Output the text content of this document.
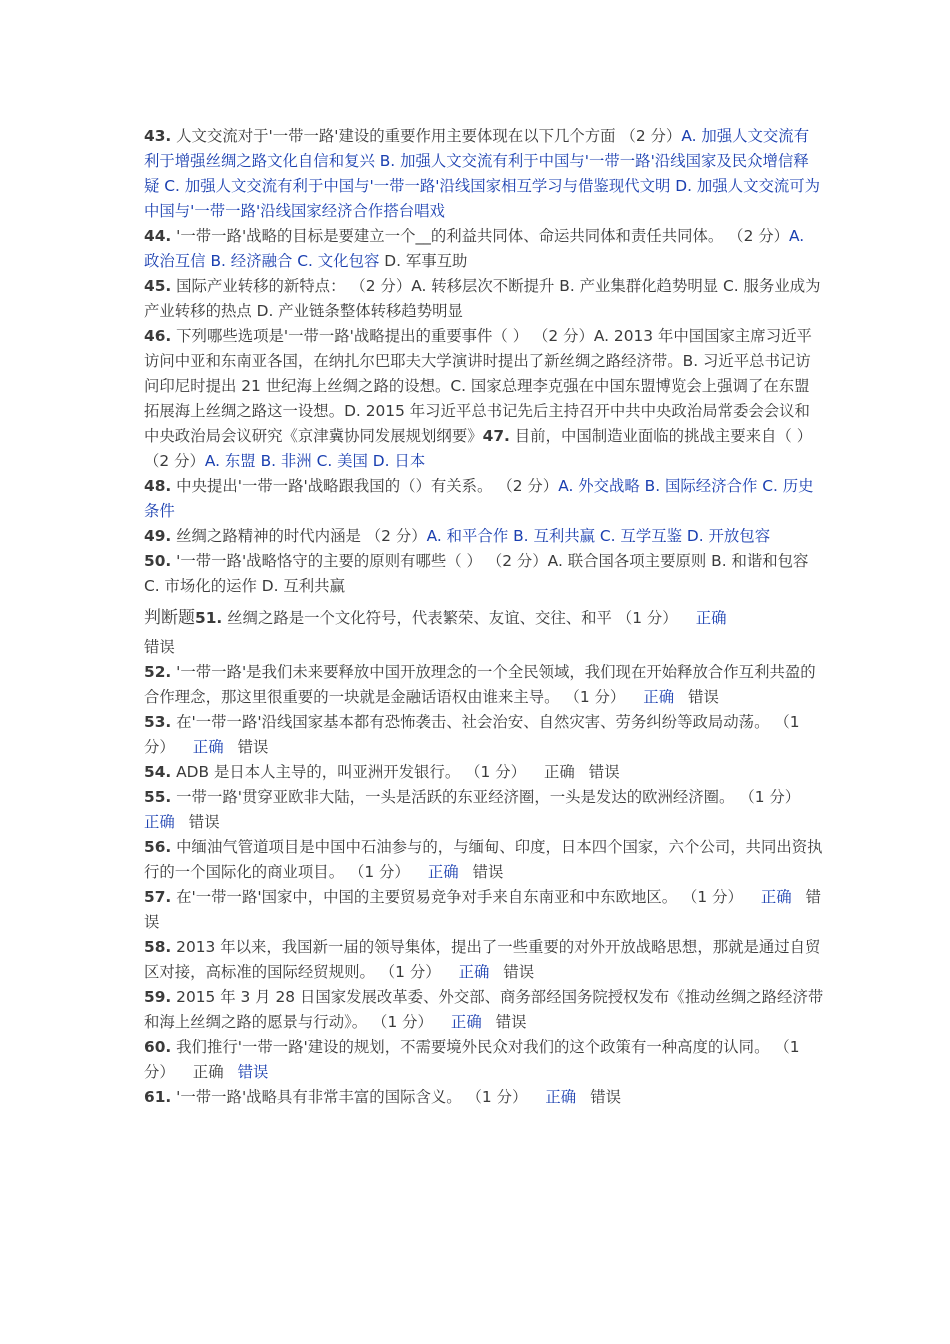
43. 人文交流对于'一带一路'建设的重要作用主要体现在以下几个方面 （2 分）A. 加强人文交流有利于增强丝绸之路文化自信和复兴 B. 加强人文交流有利于中国与'一带一路'沿线国家及民众增信释疑 C. 加强人文交流有利于中国与'一带一路'沿线国家相互学习与借鉴现代文明 D. 加强人文交流可为中国与'一带一路'沿线国家经济合作搭台唱戏

44. '一带一路'战略的目标是要建立一个__的利益共同体、命运共同体和责任共同体。 （2 分）A. 政治互信 B. 经济融合 C. 文化包容 D. 军事互助

45. 国际产业转移的新特点： （2 分）A. 转移层次不断提升 B. 产业集群化趋势明显 C. 服务业成为产业转移的热点 D. 产业链条整体转移趋势明显

46. 下列哪些选项是'一带一路'战略提出的重要事件（ ） （2 分）A. 2013 年中国国家主席习近平访问中亚和东南亚各国，在纳扎尔巴耶夫大学演讲时提出了新丝绸之路经济带。B. 习近平总书记访问印尼时提出 21 世纪海上丝绸之路的设想。C. 国家总理李克强在中国东盟博览会上强调了在东盟拓展海上丝绸之路这一设想。D. 2015 年习近平总书记先后主持召开中共中央政治局常委会会议和中央政治局会议研究《京津冀协同发展规划纲要》47. 目前，中国制造业面临的挑战主要来自（ ） （2 分）A. 东盟 B. 非洲 C. 美国 D. 日本

48. 中央提出'一带一路'战略跟我国的（）有关系。 （2 分）A. 外交战略 B. 国际经济合作 C. 历史条件

49. 丝绸之路精神的时代内涵是 （2 分）A. 和平合作 B. 互利共赢 C. 互学互鉴 D. 开放包容

50. '一带一路'战略恪守的主要的原则有哪些（ ） （2 分）A. 联合国各项主要原则 B. 和谐和包容 C. 市场化的运作 D. 互利共赢

判断题51. 丝绸之路是一个文化符号，代表繁荣、友谊、交往、和平 （1 分） 正确

错误

52. '一带一路'是我们未来要释放中国开放理念的一个全民领域，我们现在开始释放合作互利共盈的合作理念，那这里很重要的一块就是金融话语权由谁来主导。 （1 分） 正确 错误

53. 在'一带一路'沿线国家基本都有恐怖袭击、社会治安、自然灾害、劳务纠纷等政局动荡。 （1 分） 正确 错误

54. ADB 是日本人主导的，叫亚洲开发银行。 （1 分） 正确 错误

55. 一带一路'贯穿亚欧非大陆，一头是活跃的东亚经济圈，一头是发达的欧洲经济圈。 （1 分）正确 错误

56. 中缅油气管道项目是中国中石油参与的，与缅甸、印度，日本四个国家，六个公司，共同出资执行的一个国际化的商业项目。 （1 分） 正确 错误

57. 在'一带一路'国家中，中国的主要贸易竞争对手来自东南亚和中东欧地区。 （1 分） 正确 错误

58. 2013 年以来，我国新一届的领导集体，提出了一些重要的对外开放战略思想，那就是通过自贸区对接，高标准的国际经贸规则。 （1 分） 正确 错误

59. 2015 年 3 月 28 日国家发展改革委、外交部、商务部经国务院授权发布《推动丝绸之路经济带和海上丝绸之路的愿景与行动》。 （1 分） 正确 错误

60. 我们推行'一带一路'建设的规划，不需要境外民众对我们的这个政策有一种高度的认同。 （1 分） 正确 错误

61. '一带一路'战略具有非常丰富的国际含义。 （1 分） 正确 错误
